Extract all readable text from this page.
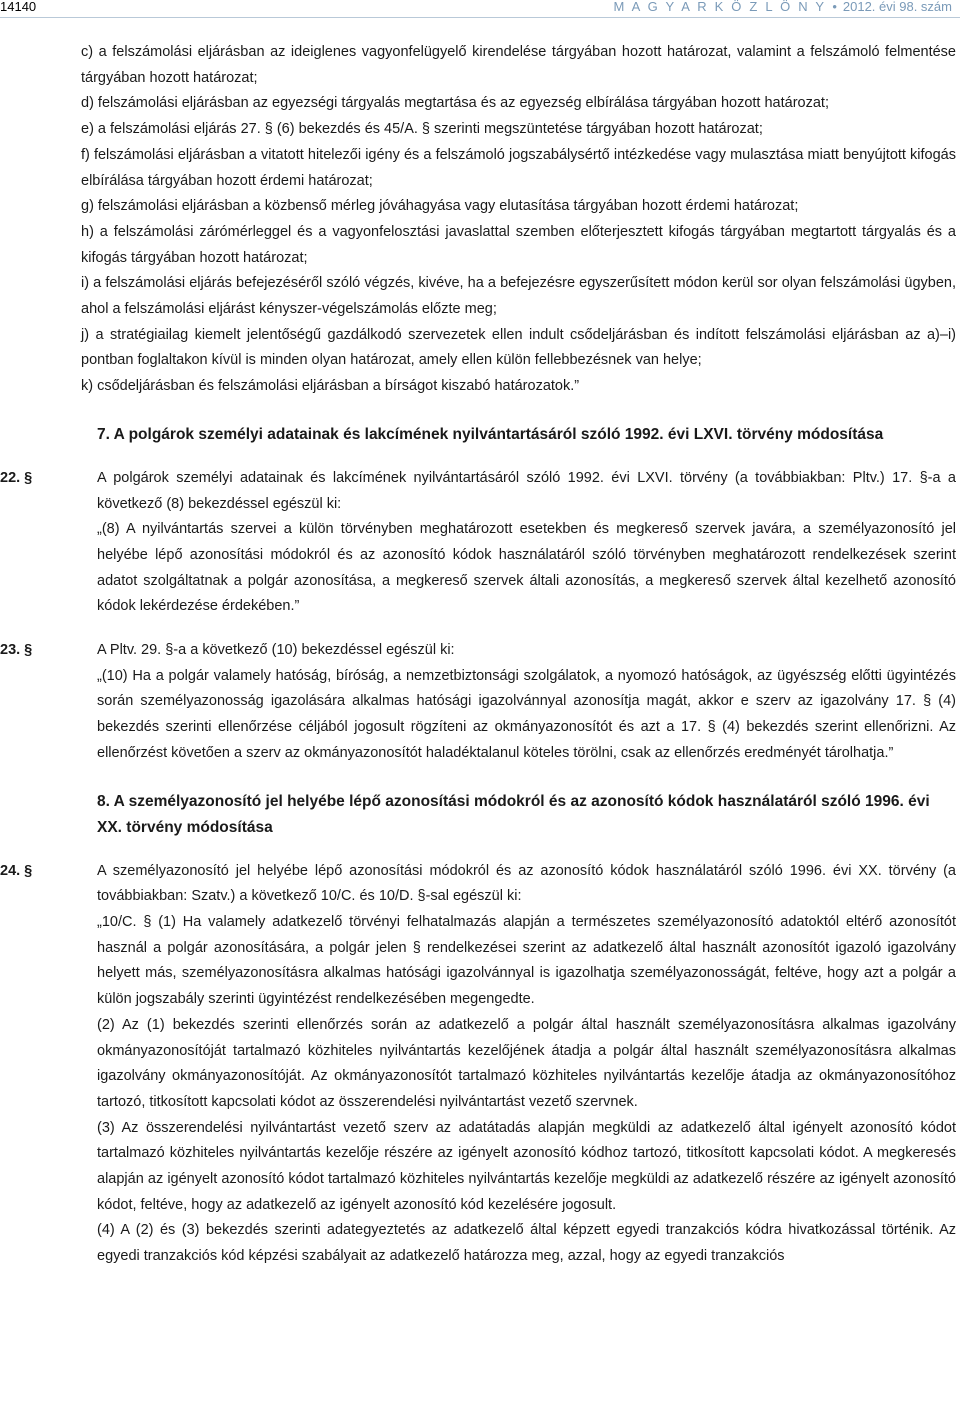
14140	M A G Y A R K Ö Z L Ö N Y • 2012. évi 98. szám

c) a felszámolási eljárásban az ideiglenes vagyonfelügyelő kirendelése tárgyában hozott határozat, valamint a felszámoló felmentése tárgyában hozott határozat;

d) felszámolási eljárásban az egyezségi tárgyalás megtartása és az egyezség elbírálása tárgyában hozott határozat;

e) a felszámolási eljárás 27. § (6) bekezdés és 45/A. § szerinti megszüntetése tárgyában hozott határozat;

f) felszámolási eljárásban a vitatott hitelezői igény és a felszámoló jogszabálysértő intézkedése vagy mulasztása miatt benyújtott kifogás elbírálása tárgyában hozott érdemi határozat;

g) felszámolási eljárásban a közbenső mérleg jóváhagyása vagy elutasítása tárgyában hozott érdemi határozat;

h) a felszámolási zárómérleggel és a vagyonfelosztási javaslattal szemben előterjesztett kifogás tárgyában megtartott tárgyalás és a kifogás tárgyában hozott határozat;

i) a felszámolási eljárás befejezéséről szóló végzés, kivéve, ha a befejezésre egyszerűsített módon kerül sor olyan felszámolási ügyben, ahol a felszámolási eljárást kényszer-végelszámolás előzte meg;

j) a stratégiailag kiemelt jelentőségű gazdálkodó szervezetek ellen indult csődeljárásban és indított felszámolási eljárásban az a)–i) pontban foglaltakon kívül is minden olyan határozat, amely ellen külön fellebbezésnek van helye;

k) csődeljárásban és felszámolási eljárásban a bírságot kiszabó határozatok.”

7. A polgárok személyi adatainak és lakcímének nyilvántartásáról szóló 1992. évi LXVI. törvény módosítása
22. §	A polgárok személyi adatainak és lakcímének nyilvántartásáról szóló 1992. évi LXVI. törvény (a továbbiakban: Pltv.) 17. §-a a következő (8) bekezdéssel egészül ki:

„(8) A nyilvántartás szervei a külön törvényben meghatározott esetekben és megkereső szervek javára, a személyazonosító jel helyébe lépő azonosítási módokról és az azonosító kódok használatáról szóló törvényben meghatározott rendelkezések szerint adatot szolgáltatnak a polgár azonosítása, a megkereső szervek általi azonosítás, a megkereső szervek által kezelhető azonosító kódok lekérdezése érdekében.”

23. §	A Pltv. 29. §-a a következő (10) bekezdéssel egészül ki:

„(10) Ha a polgár valamely hatóság, bíróság, a nemzetbiztonsági szolgálatok, a nyomozó hatóságok, az ügyészség előtti ügyintézés során személyazonosság igazolására alkalmas hatósági igazolvánnyal azonosítja magát, akkor e szerv az igazolvány 17. § (4) bekezdés szerinti ellenőrzése céljából jogosult rögzíteni az okmányazonosítót és azt a 17. § (4) bekezdés szerint ellenőrizni. Az ellenőrzést követően a szerv az okmányazonosítót haladéktalanul köteles törölni, csak az ellenőrzés eredményét tárolhatja.”

8. A személyazonosító jel helyébe lépő azonosítási módokról és az azonosító kódok használatáról szóló 1996. évi XX. törvény módosítása
24. §	A személyazonosító jel helyébe lépő azonosítási módokról és az azonosító kódok használatáról szóló 1996. évi XX. törvény (a továbbiakban: Szatv.) a következő 10/C. és 10/D. §-sal egészül ki:

„10/C. § (1) Ha valamely adatkezelő törvényi felhatalmazás alapján a természetes személyazonosító adatoktól eltérő azonosítót használ a polgár azonosítására, a polgár jelen § rendelkezései szerint az adatkezelő által használt azonosítót igazoló igazolvány helyett más, személyazonosításra alkalmas hatósági igazolvánnyal is igazolhatja személyazonosságát, feltéve, hogy azt a polgár a külön jogszabály szerinti ügyintézést rendelkezésében megengedte.

(2) Az (1) bekezdés szerinti ellenőrzés során az adatkezelő a polgár által használt személyazonosításra alkalmas igazolvány okmányazonosítóját tartalmazó közhiteles nyilvántartás kezelőjének átadja a polgár által használt személyazonosításra alkalmas igazolvány okmányazonosítóját. Az okmányazonosítót tartalmazó közhiteles nyilvántartás kezelője átadja az okmányazonosítóhoz tartozó, titkosított kapcsolati kódot az összerendelési nyilvántartást vezető szervnek.

(3) Az összerendelési nyilvántartást vezető szerv az adatátadás alapján megküldi az adatkezelő által igényelt azonosító kódot tartalmazó közhiteles nyilvántartás kezelője részére az igényelt azonosító kódhoz tartozó, titkosított kapcsolati kódot. A megkeresés alapján az igényelt azonosító kódot tartalmazó közhiteles nyilvántartás kezelője megküldi az adatkezelő részére az igényelt azonosító kódot, feltéve, hogy az adatkezelő az igényelt azonosító kód kezelésére jogosult.

(4) A (2) és (3) bekezdés szerinti adategyeztetés az adatkezelő által képzett egyedi tranzakciós kódra hivatkozással történik. Az egyedi tranzakciós kód képzési szabályait az adatkezelő határozza meg, azzal, hogy az egyedi tranzakciós
